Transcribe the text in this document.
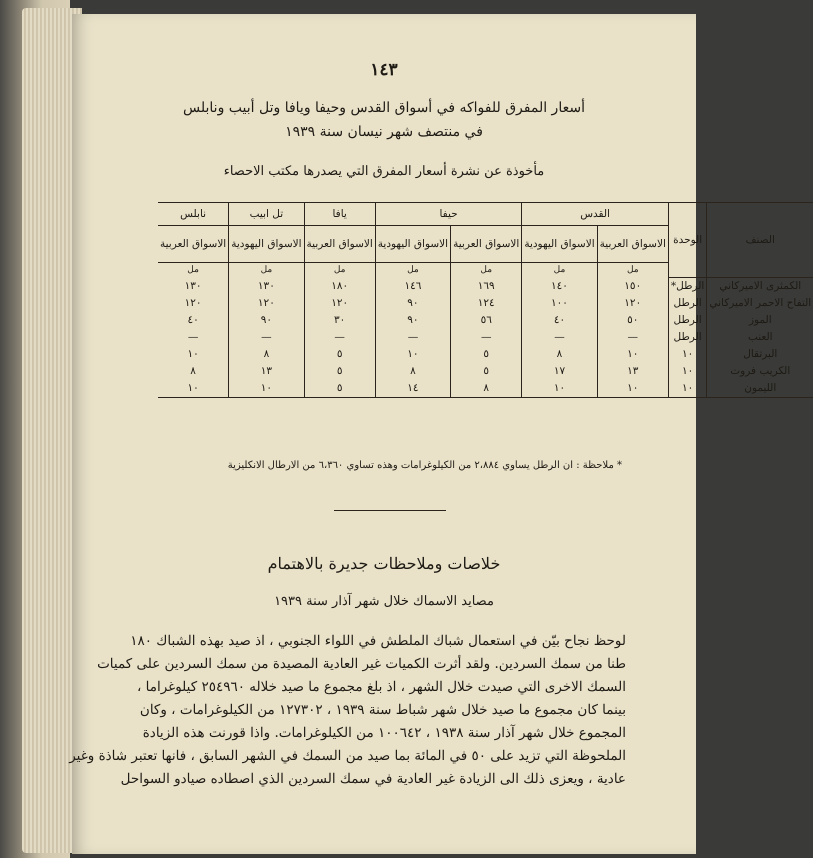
١٤٣
أسعار المفرق للفواكه في أسواق القدس وحيفا ويافا وتل أبيب ونابلس
في منتصف شهر نيسان سنة ١٩٣٩
مأخوذة عن نشرة أسعار المفرق التي يصدرها مكتب الاحصاء
الصنف	الوحدة	القدس		حيفا		يافا	تل ابيب	نابلس
		الاسواق العربية	الاسواق اليهودية	الاسواق العربية	الاسواق اليهودية	الاسواق العربية	الاسواق اليهودية	الاسواق العربية
		مل	مل	مل	مل	مل	مل	مل
الكمثرى الاميركاني	الرطل*	١٥٠	١٤٠	١٦٩	١٤٦	١٨٠	١٣٠	١٣٠
التفاح الاحمر الاميركاني	الرطل	١٢٠	١٠٠	١٢٤	٩٠	١٢٠	١٢٠	١٢٠
الموز	الرطل	٥٠	٤٠	٥٦	٩٠	٣٠	٩٠	٤٠
العنب	الرطل	—	—	—	—	—	—	—
البرتقال	١٠	١٠	٨	٥	١٠	٥	٨	١٠
الكريب فروت	١٠	١٣	١٧	٥	٨	٥	١٣	٨
الليمون	١٠	١٠	١٠	٨	١٤	٥	١٠	١٠
* ملاحظة : ان الرطل يساوي ٢،٨٨٤ من الكيلوغرامات وهذه تساوي ٦،٣٦٠ من الارطال الانكليزية
خلاصات وملاحظات جديرة بالاهتمام
مصايد الاسماك خلال شهر آذار سنة ١٩٣٩
لوحظ نجاح بيّن في استعمال شباك الملطش في اللواء الجنوبي ، اذ صيد بهذه الشباك ١٨٠
طنا من سمك السردين. ولقد أثرت الكميات غير العادية المصيدة من سمك السردين على كميات
السمك الاخرى التي صيدت خلال الشهر ، اذ بلغ مجموع ما صيد خلاله ٢٥٤٩٦٠ كيلوغراما ،
بينما كان مجموع ما صيد خلال شهر شباط سنة ١٩٣٩ ، ١٢٧٣٠٢ من الكيلوغرامات ، وكان
المجموع خلال شهر آذار سنة ١٩٣٨ ، ١٠٠٦٤٢ من الكيلوغرامات. واذا قورنت هذه الزيادة
الملحوظة التي تزيد على ٥٠ في المائة بما صيد من السمك في الشهر السابق ، فانها تعتبر شاذة وغير
عادية ، ويعزى ذلك الى الزيادة غير العادية في سمك السردين الذي اصطاده صيادو السواحل
